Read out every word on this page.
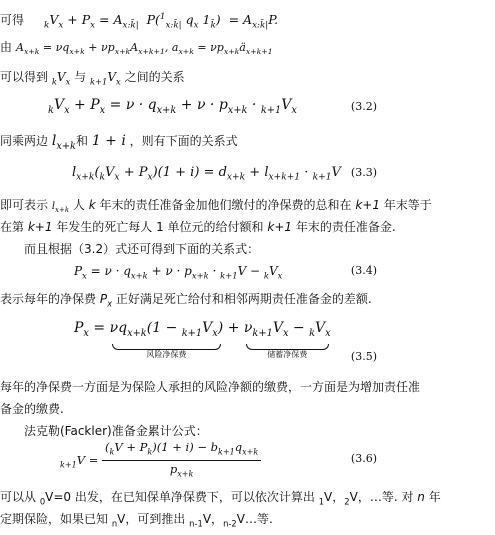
可得 $_kV_x + P_x = A_{x:k̄|}$  P($^1_{x:k̄|}$ $q_x$ $1_{k̄}) = A_{x:k̄|}P$.
由 $A_{x+k} = \nu q_{x+k} + \nu p_{x+k}A_{x+k+1}$, $a_{x+k}$ = $\nu p_{x+k}ä_{x+k+1}$
可以得到 $_kV_x$ 与 $_{k+1}V_x$ 之间的关系
$_kV_x + P_x = \nu \cdot q_{x+k} + \nu \cdot p_{x+k} \cdot _{k+1}V_x$	(3.2)
同乘两边 $l_{x+k}$和 1 + i ，则有下面的关系式
$l_{x+k}(_kV_x + P_x)(1 + i) = d_{x+k} + l_{x+k+1} \cdot _{k+1}V$ (3.3)
即可表示 $l_{x+k}$ 人 k 年末的责任准备金加他们缴付的净保费的总和在 k+1 年末等于
在第 k+1 年发生的死亡每人 1 单位元的给付额和 k+1 年末的责任准备金.
而且根据（3.2）式还可得到下面的关系式：
$P_x = \nu \cdot q_{x+k} + \nu \cdot p_{x+k} \cdot _{k+1}V - _kV_x$	(3.4)
表示每年的净保费 $P_x$ 正好满足死亡给付和相邻两期责任准备金的差额.
$P_x = \nu q_{x+k}(1 - _{k+1}V_x)$
风险净保费
+ $\nu_{k+1}V_x - _kV_x$
储蓄净保费	(3.5)
每年的净保费一方面是为保险人承担的风险净额的缴费，一方面是为增加责任准
备金的缴费.
法克勒(Fackler)准备金累计公式：
$_{k+1}V = \frac{(_kV + P_k)(1 + i) - b_{k+1}q_{x+k}}{p_{x+k}}$	(3.6)
可以从 $_0$V=0 出发，在已知保单净保费下，可以依次计算出 $_1$V，$_2$V，…等. 对 n 年
定期保险，如果已知 $_n$V，可到推出 $_{n-1}$V，$_{n-2}$V…等.
